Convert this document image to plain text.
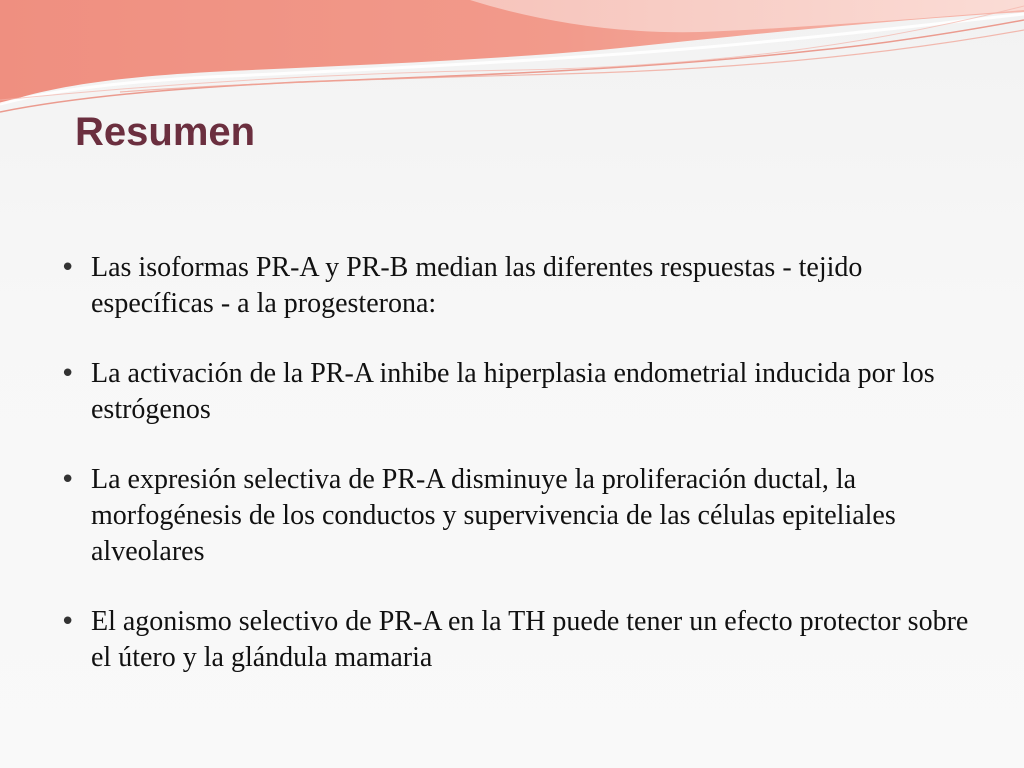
Resumen
• Las isoformas PR-A y PR-B median las diferentes respuestas - tejido específicas - a la progesterona:
• La activación de la PR-A inhibe la hiperplasia endometrial inducida por los estrógenos
• La expresión selectiva de PR-A disminuye la proliferación ductal, la morfogénesis de los conductos y supervivencia de las células epiteliales alveolares
• El agonismo selectivo de PR-A en la TH puede tener un efecto protector sobre el útero y la glándula mamaria
